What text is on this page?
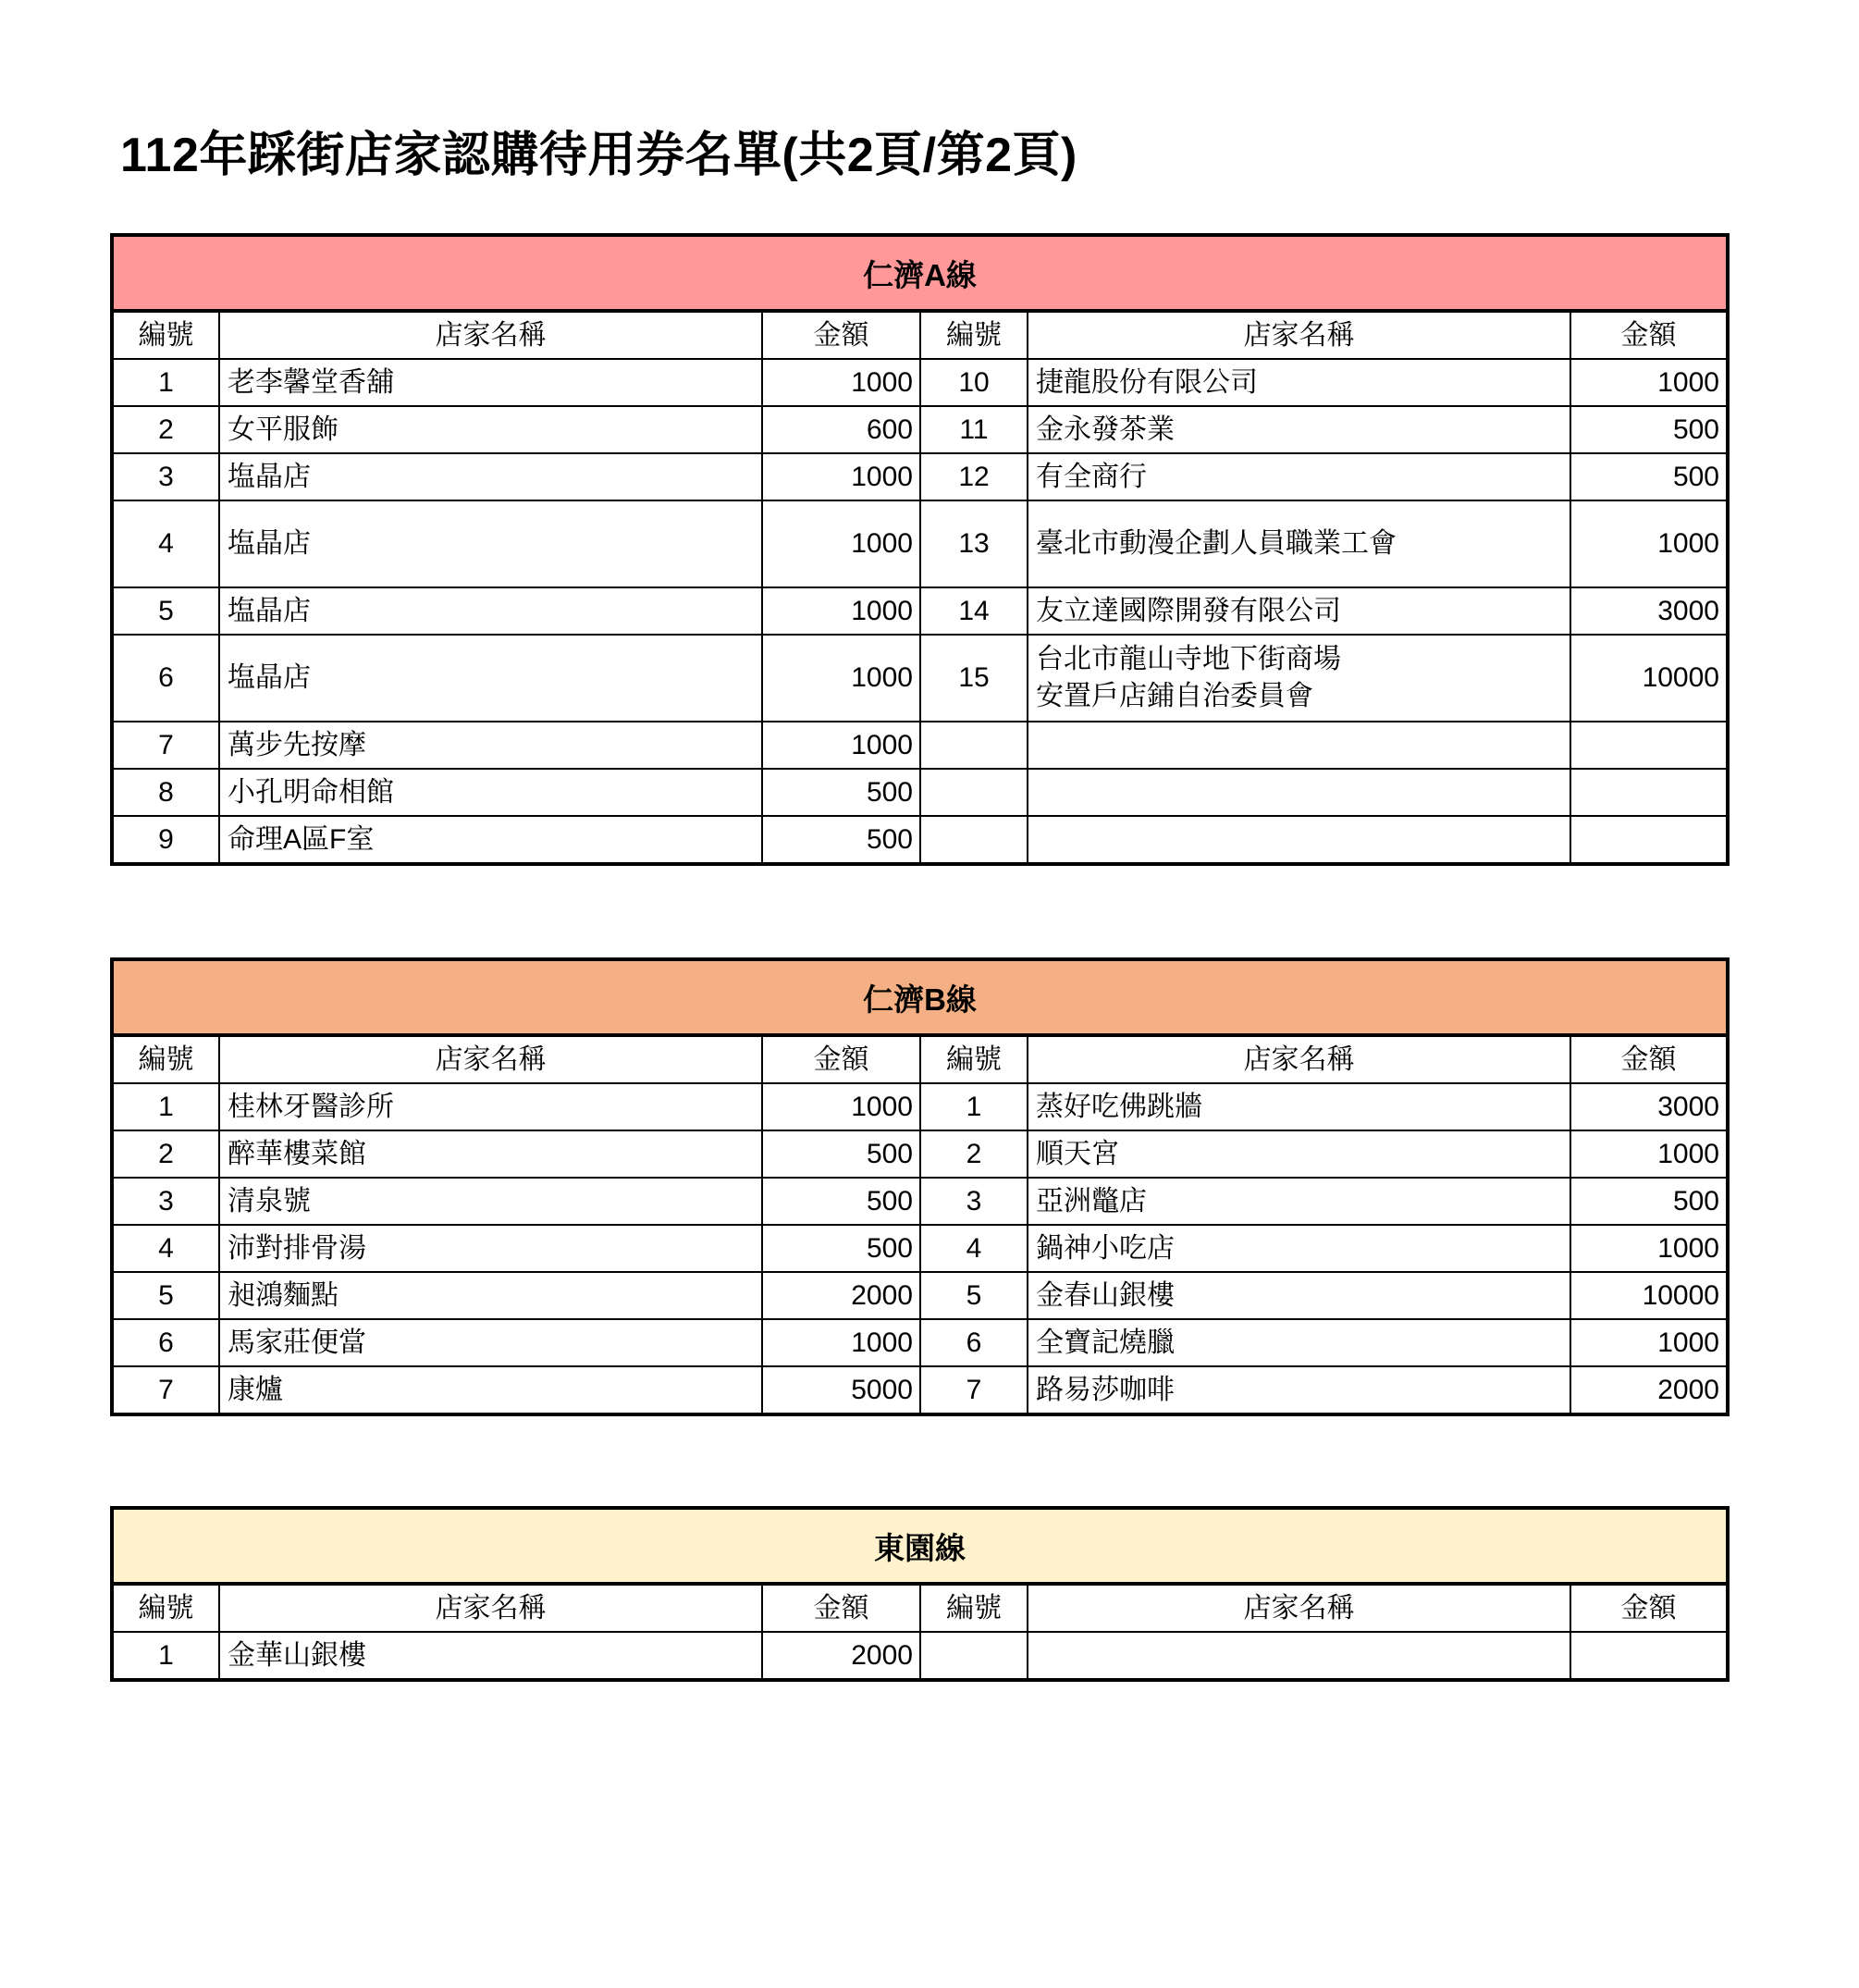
112年踩街店家認購待用券名單(共2頁/第2頁)
仁濟A線					
編號	店家名稱	金額	編號	店家名稱	金額
1	老李馨堂香舖	1000	10	捷龍股份有限公司	1000
2	女平服飾	600	11	金永發茶業	500
3	塩晶店	1000	12	有全商行	500
4	塩晶店	1000	13	臺北市動漫企劃人員職業工會	1000
5	塩晶店	1000	14	友立達國際開發有限公司	3000
6	塩晶店	1000	15	台北市龍山寺地下街商場
安置戶店鋪自治委員會	10000
7	萬步先按摩	1000			
8	小孔明命相館	500			
9	命理A區F室	500			
仁濟B線					
編號	店家名稱	金額	編號	店家名稱	金額
1	桂林牙醫診所	1000	1	蒸好吃佛跳牆	3000
2	醉華樓菜館	500	2	順天宮	1000
3	清泉號	500	3	亞洲鼈店	500
4	沛對排骨湯	500	4	鍋神小吃店	1000
5	昶鴻麵點	2000	5	金春山銀樓	10000
6	馬家莊便當	1000	6	全寶記燒臘	1000
7	康爐	5000	7	路易莎咖啡	2000
東園線					
編號	店家名稱	金額	編號	店家名稱	金額
1	金華山銀樓	2000			
